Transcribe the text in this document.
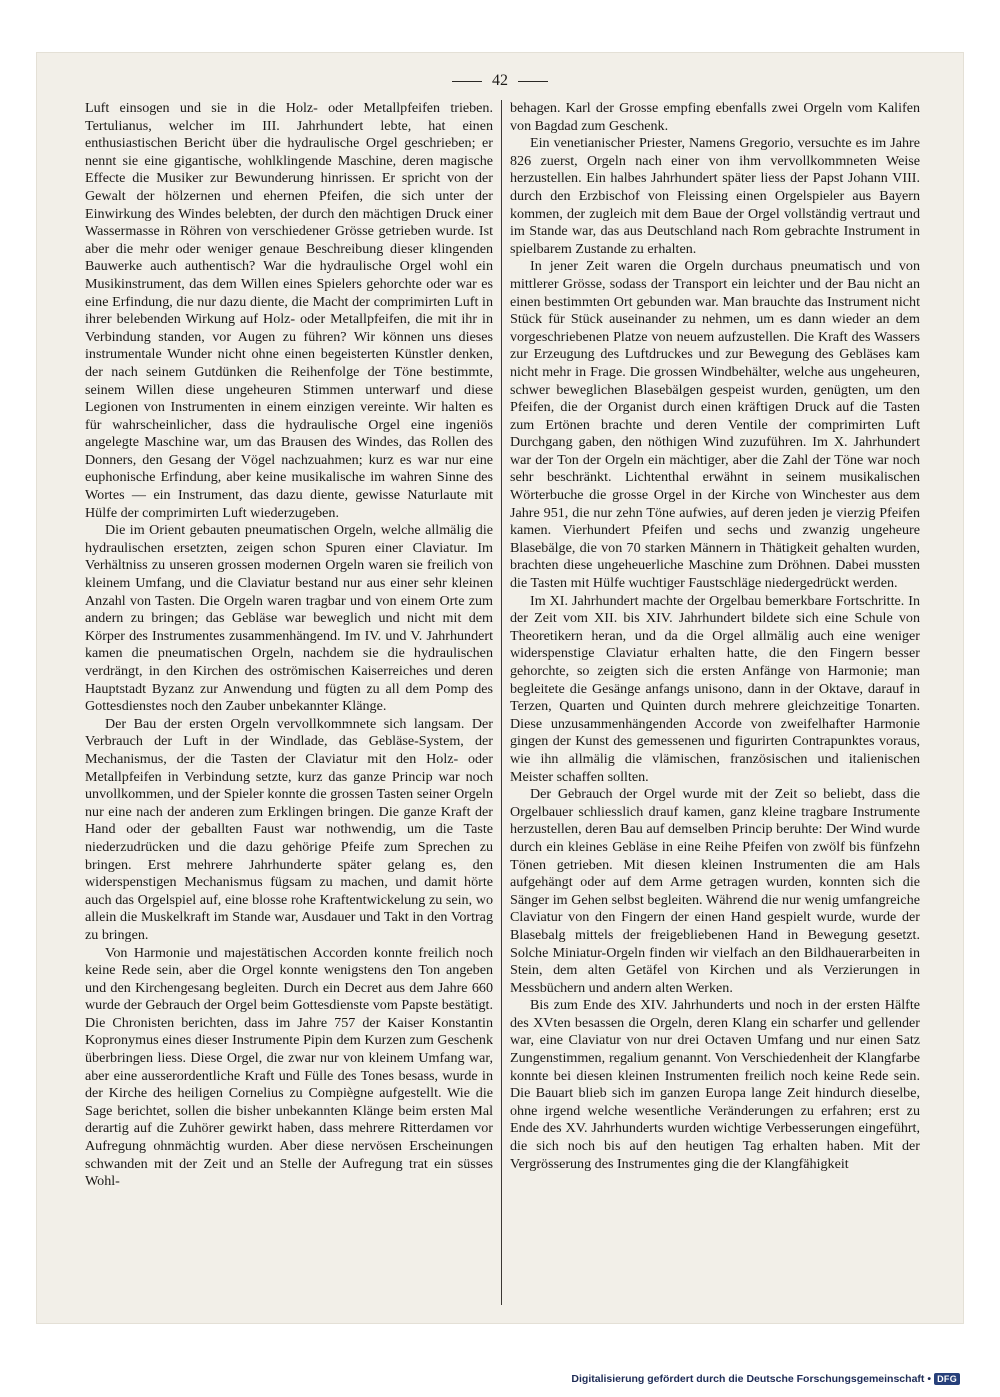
42

Luft einsogen und sie in die Holz- oder Metallpfeifen trieben. Tertulianus, welcher im III. Jahrhundert lebte, hat einen enthusiastischen Bericht über die hydraulische Orgel geschrieben; er nennt sie eine gigantische, wohlklingende Maschine, deren magische Effecte die Musiker zur Bewunderung hinrissen. Er spricht von der Gewalt der hölzernen und ehernen Pfeifen, die sich unter der Einwirkung des Windes belebten, der durch den mächtigen Druck einer Wassermasse in Röhren von verschiedener Grösse getrieben wurde. Ist aber die mehr oder weniger genaue Beschreibung dieser klingenden Bauwerke auch authentisch? War die hydraulische Orgel wohl ein Musikinstrument, das dem Willen eines Spielers gehorchte oder war es eine Erfindung, die nur dazu diente, die Macht der comprimirten Luft in ihrer belebenden Wirkung auf Holz- oder Metallpfeifen, die mit ihr in Verbindung standen, vor Augen zu führen? Wir können uns dieses instrumentale Wunder nicht ohne einen begeisterten Künstler denken, der nach seinem Gutdünken die Reihenfolge der Töne bestimmte, seinem Willen diese ungeheuren Stimmen unterwarf und diese Legionen von Instrumenten in einem einzigen vereinte. Wir halten es für wahrscheinlicher, dass die hydraulische Orgel eine ingeniös angelegte Maschine war, um das Brausen des Windes, das Rollen des Donners, den Gesang der Vögel nachzuahmen; kurz es war nur eine euphonische Erfindung, aber keine musikalische im wahren Sinne des Wortes — ein Instrument, das dazu diente, gewisse Naturlaute mit Hülfe der comprimirten Luft wiederzugeben.

Die im Orient gebauten pneumatischen Orgeln, welche allmälig die hydraulischen ersetzten, zeigen schon Spuren einer Claviatur. Im Verhältniss zu unseren grossen modernen Orgeln waren sie freilich von kleinem Umfang, und die Claviatur bestand nur aus einer sehr kleinen Anzahl von Tasten. Die Orgeln waren tragbar und von einem Orte zum andern zu bringen; das Gebläse war beweglich und nicht mit dem Körper des Instrumentes zusammenhängend. Im IV. und V. Jahrhundert kamen die pneumatischen Orgeln, nachdem sie die hydraulischen verdrängt, in den Kirchen des oströmischen Kaiserreiches und deren Hauptstadt Byzanz zur Anwendung und fügten zu all dem Pomp des Gottesdienstes noch den Zauber unbekannter Klänge.

Der Bau der ersten Orgeln vervollkommnete sich langsam. Der Verbrauch der Luft in der Windlade, das Gebläse-System, der Mechanismus, der die Tasten der Claviatur mit den Holz- oder Metallpfeifen in Verbindung setzte, kurz das ganze Princip war noch unvollkommen, und der Spieler konnte die grossen Tasten seiner Orgeln nur eine nach der anderen zum Erklingen bringen. Die ganze Kraft der Hand oder der geballten Faust war nothwendig, um die Taste niederzudrücken und die dazu gehörige Pfeife zum Sprechen zu bringen. Erst mehrere Jahrhunderte später gelang es, den widerspenstigen Mechanismus fügsam zu machen, und damit hörte auch das Orgelspiel auf, eine blosse rohe Kraftentwickelung zu sein, wo allein die Muskelkraft im Stande war, Ausdauer und Takt in den Vortrag zu bringen.

Von Harmonie und majestätischen Accorden konnte freilich noch keine Rede sein, aber die Orgel konnte wenigstens den Ton angeben und den Kirchengesang begleiten. Durch ein Decret aus dem Jahre 660 wurde der Gebrauch der Orgel beim Gottesdienste vom Papste bestätigt. Die Chronisten berichten, dass im Jahre 757 der Kaiser Konstantin Kopronymus eines dieser Instrumente Pipin dem Kurzen zum Geschenk überbringen liess. Diese Orgel, die zwar nur von kleinem Umfang war, aber eine ausserordentliche Kraft und Fülle des Tones besass, wurde in der Kirche des heiligen Cornelius zu Compiègne aufgestellt. Wie die Sage berichtet, sollen die bisher unbekannten Klänge beim ersten Mal derartig auf die Zuhörer gewirkt haben, dass mehrere Ritterdamen vor Aufregung ohnmächtig wurden. Aber diese nervösen Erscheinungen schwanden mit der Zeit und an Stelle der Aufregung trat ein süsses Wohl-

behagen. Karl der Grosse empfing ebenfalls zwei Orgeln vom Kalifen von Bagdad zum Geschenk.

Ein venetianischer Priester, Namens Gregorio, versuchte es im Jahre 826 zuerst, Orgeln nach einer von ihm vervollkommneten Weise herzustellen. Ein halbes Jahrhundert später liess der Papst Johann VIII. durch den Erzbischof von Fleissing einen Orgelspieler aus Bayern kommen, der zugleich mit dem Baue der Orgel vollständig vertraut und im Stande war, das aus Deutschland nach Rom gebrachte Instrument in spielbarem Zustande zu erhalten.

In jener Zeit waren die Orgeln durchaus pneumatisch und von mittlerer Grösse, sodass der Transport ein leichter und der Bau nicht an einen bestimmten Ort gebunden war. Man brauchte das Instrument nicht Stück für Stück auseinander zu nehmen, um es dann wieder an dem vorgeschriebenen Platze von neuem aufzustellen. Die Kraft des Wassers zur Erzeugung des Luftdruckes und zur Bewegung des Gebläses kam nicht mehr in Frage. Die grossen Windbehälter, welche aus ungeheuren, schwer beweglichen Blasebälgen gespeist wurden, genügten, um den Pfeifen, die der Organist durch einen kräftigen Druck auf die Tasten zum Ertönen brachte und deren Ventile der comprimirten Luft Durchgang gaben, den nöthigen Wind zuzuführen. Im X. Jahrhundert war der Ton der Orgeln ein mächtiger, aber die Zahl der Töne war noch sehr beschränkt. Lichtenthal erwähnt in seinem musikalischen Wörterbuche die grosse Orgel in der Kirche von Winchester aus dem Jahre 951, die nur zehn Töne aufwies, auf deren jeden je vierzig Pfeifen kamen. Vierhundert Pfeifen und sechs und zwanzig ungeheure Blasebälge, die von 70 starken Männern in Thätigkeit gehalten wurden, brachten diese ungeheuerliche Maschine zum Dröhnen. Dabei mussten die Tasten mit Hülfe wuchtiger Faustschläge niedergedrückt werden.

Im XI. Jahrhundert machte der Orgelbau bemerkbare Fortschritte. In der Zeit vom XII. bis XIV. Jahrhundert bildete sich eine Schule von Theoretikern heran, und da die Orgel allmälig auch eine weniger widerspenstige Claviatur erhalten hatte, die den Fingern besser gehorchte, so zeigten sich die ersten Anfänge von Harmonie; man begleitete die Gesänge anfangs unisono, dann in der Oktave, darauf in Terzen, Quarten und Quinten durch mehrere gleichzeitige Tonarten. Diese unzusammenhängenden Accorde von zweifelhafter Harmonie gingen der Kunst des gemessenen und figurirten Contrapunktes voraus, wie ihn allmälig die vlämischen, französischen und italienischen Meister schaffen sollten.

Der Gebrauch der Orgel wurde mit der Zeit so beliebt, dass die Orgelbauer schliesslich drauf kamen, ganz kleine tragbare Instrumente herzustellen, deren Bau auf demselben Princip beruhte: Der Wind wurde durch ein kleines Gebläse in eine Reihe Pfeifen von zwölf bis fünfzehn Tönen getrieben. Mit diesen kleinen Instrumenten die am Hals aufgehängt oder auf dem Arme getragen wurden, konnten sich die Sänger im Gehen selbst begleiten. Während die nur wenig umfangreiche Claviatur von den Fingern der einen Hand gespielt wurde, wurde der Blasebalg mittels der freigebliebenen Hand in Bewegung gesetzt. Solche Miniatur-Orgeln finden wir vielfach an den Bildhauerarbeiten in Stein, dem alten Getäfel von Kirchen und als Verzierungen in Messbüchern und andern alten Werken.

Bis zum Ende des XIV. Jahrhunderts und noch in der ersten Hälfte des XVten besassen die Orgeln, deren Klang ein scharfer und gellender war, eine Claviatur von nur drei Octaven Umfang und nur einen Satz Zungenstimmen, regalium genannt. Von Verschiedenheit der Klangfarbe konnte bei diesen kleinen Instrumenten freilich noch keine Rede sein. Die Bauart blieb sich im ganzen Europa lange Zeit hindurch dieselbe, ohne irgend welche wesentliche Veränderungen zu erfahren; erst zu Ende des XV. Jahrhunderts wurden wichtige Verbesserungen eingeführt, die sich noch bis auf den heutigen Tag erhalten haben. Mit der Vergrösserung des Instrumentes ging die der Klangfähigkeit

Digitalisierung gefördert durch die Deutsche Forschungsgemeinschaft • DFG
